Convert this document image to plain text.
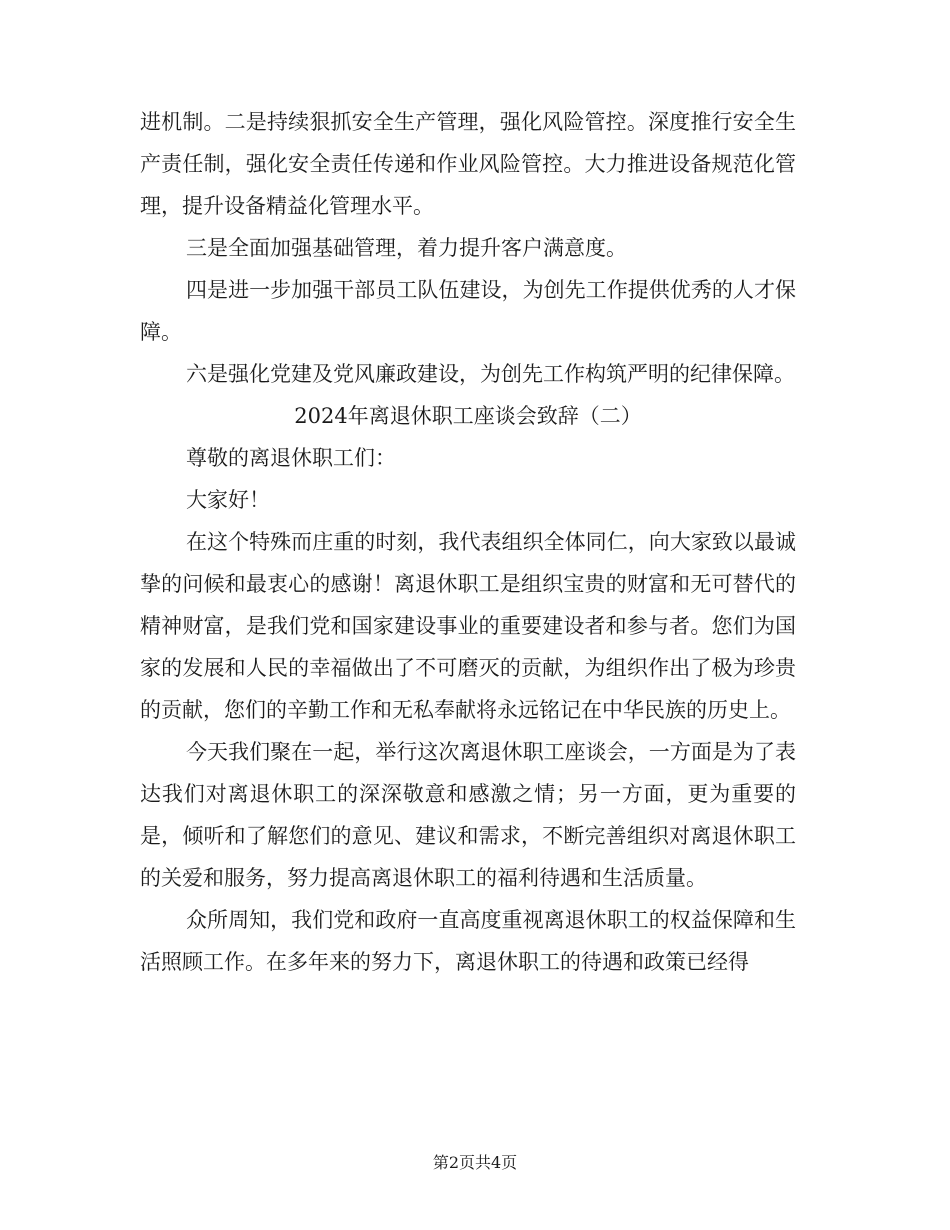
进机制。二是持续狠抓安全生产管理，强化风险管控。深度推行安全生产责任制，强化安全责任传递和作业风险管控。大力推进设备规范化管理，提升设备精益化管理水平。

三是全面加强基础管理，着力提升客户满意度。

四是进一步加强干部员工队伍建设，为创先工作提供优秀的人才保障。

六是强化党建及党风廉政建设，为创先工作构筑严明的纪律保障。

2024年离退休职工座谈会致辞（二）

尊敬的离退休职工们：

大家好！

在这个特殊而庄重的时刻，我代表组织全体同仁，向大家致以最诚挚的问候和最衷心的感谢！离退休职工是组织宝贵的财富和无可替代的精神财富，是我们党和国家建设事业的重要建设者和参与者。您们为国家的发展和人民的幸福做出了不可磨灭的贡献，为组织作出了极为珍贵的贡献，您们的辛勤工作和无私奉献将永远铭记在中华民族的历史上。

今天我们聚在一起，举行这次离退休职工座谈会，一方面是为了表达我们对离退休职工的深深敬意和感激之情；另一方面，更为重要的是，倾听和了解您们的意见、建议和需求，不断完善组织对离退休职工的关爱和服务，努力提高离退休职工的福利待遇和生活质量。

众所周知，我们党和政府一直高度重视离退休职工的权益保障和生活照顾工作。在多年来的努力下，离退休职工的待遇和政策已经得

第2页共4页
